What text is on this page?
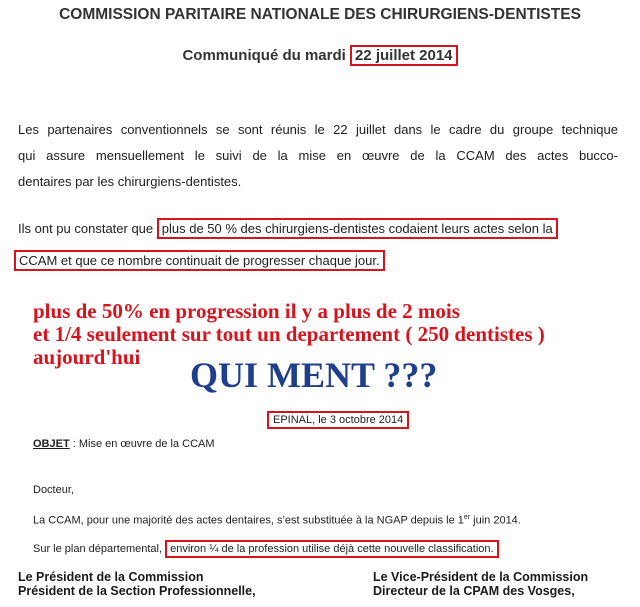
COMMISSION PARITAIRE NATIONALE DES CHIRURGIENS-DENTISTES
Communiqué du mardi 22 juillet 2014
Les partenaires conventionnels se sont réunis le 22 juillet dans le cadre du groupe technique
qui assure mensuellement le suivi de la mise en œuvre de la CCAM des actes bucco-
dentaires par les chirurgiens-dentistes.
Ils ont pu constater que plus de 50 % des chirurgiens-dentistes codaient leurs actes selon la
CCAM et que ce nombre continuait de progresser chaque jour.
plus de 50% en progression il y a plus de 2 mois
et 1/4 seulement sur tout un departement ( 250 dentistes )
aujourd'hui QUI MENT ???
EPINAL, le 3 octobre 2014
OBJET : Mise en œuvre de la CCAM
Docteur,
La CCAM, pour une majorité des actes dentaires, s’est substituée à la NGAP depuis le 1er juin 2014.
Sur le plan départemental, environ ¼ de la profession utilise déjà cette nouvelle classification.
Le Président de la Commission
Président de la Section Professionnelle,
Le Vice-Président de la Commission
Directeur de la CPAM des Vosges,
